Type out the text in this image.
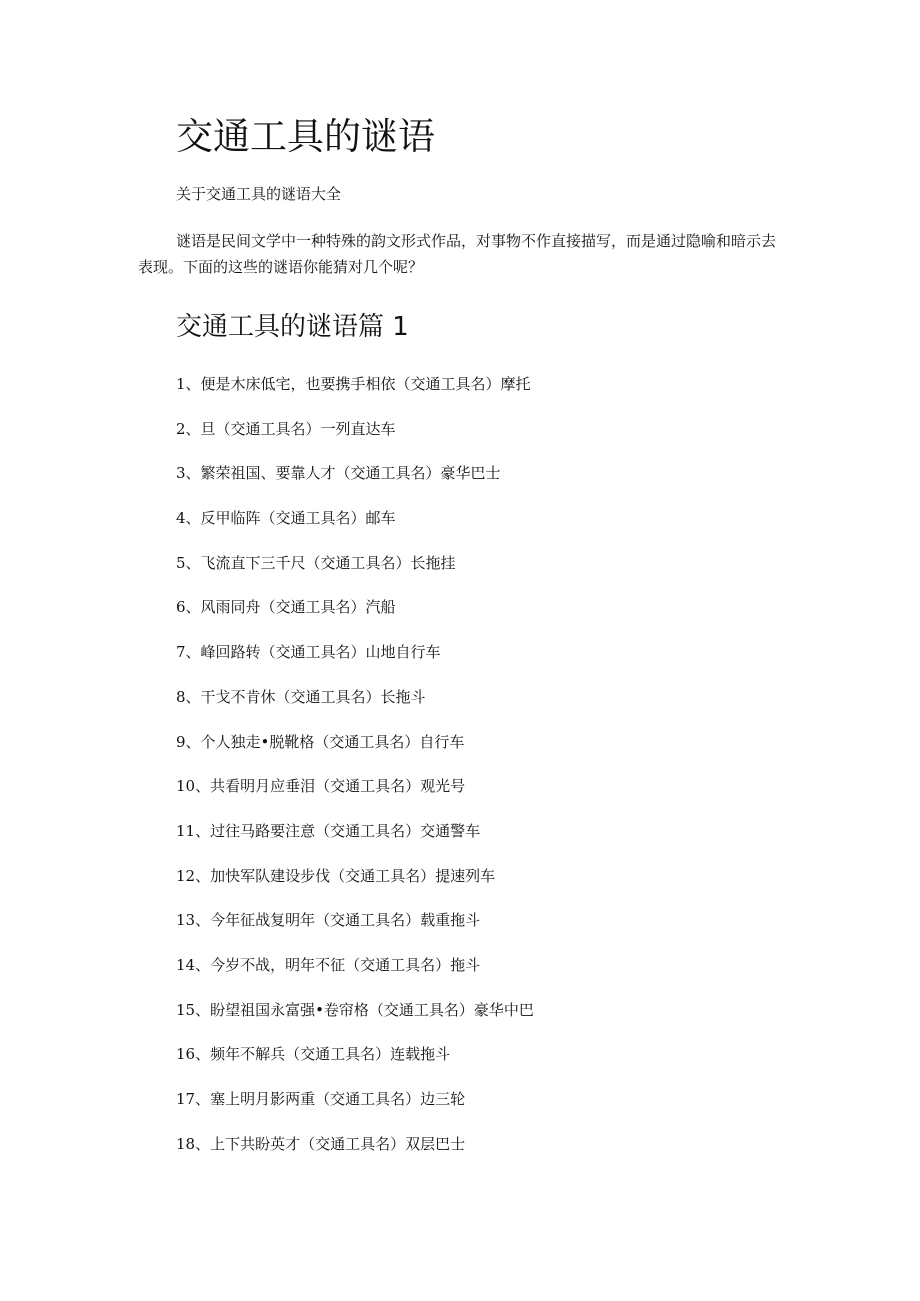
交通工具的谜语

关于交通工具的谜语大全

谜语是民间文学中一种特殊的韵文形式作品，对事物不作直接描写，而是通过隐喻和暗示去表现。下面的这些的谜语你能猜对几个呢？

交通工具的谜语篇 1
1、便是木床低宅，也要携手相依（交通工具名）摩托
2、旦（交通工具名）一列直达车
3、繁荣祖国、要靠人才（交通工具名）豪华巴士
4、反甲临阵（交通工具名）邮车
5、飞流直下三千尺（交通工具名）长拖挂
6、风雨同舟（交通工具名）汽船
7、峰回路转（交通工具名）山地自行车
8、干戈不肯休（交通工具名）长拖斗
9、个人独走•脱靴格（交通工具名）自行车
10、共看明月应垂泪（交通工具名）观光号
11、过往马路要注意（交通工具名）交通警车
12、加快军队建设步伐（交通工具名）提速列车
13、今年征战复明年（交通工具名）载重拖斗
14、今岁不战，明年不征（交通工具名）拖斗
15、盼望祖国永富强•卷帘格（交通工具名）豪华中巴
16、频年不解兵（交通工具名）连载拖斗
17、塞上明月影两重（交通工具名）边三轮
18、上下共盼英才（交通工具名）双层巴士
